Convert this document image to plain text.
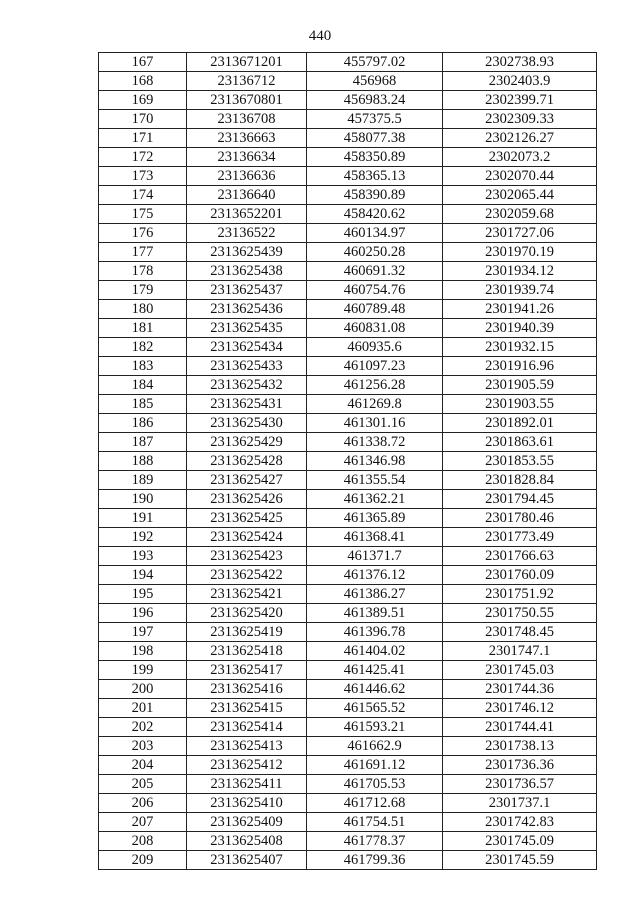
440
167	2313671201	455797.02	2302738.93
168	23136712	456968	2302403.9
169	2313670801	456983.24	2302399.71
170	23136708	457375.5	2302309.33
171	23136663	458077.38	2302126.27
172	23136634	458350.89	2302073.2
173	23136636	458365.13	2302070.44
174	23136640	458390.89	2302065.44
175	2313652201	458420.62	2302059.68
176	23136522	460134.97	2301727.06
177	2313625439	460250.28	2301970.19
178	2313625438	460691.32	2301934.12
179	2313625437	460754.76	2301939.74
180	2313625436	460789.48	2301941.26
181	2313625435	460831.08	2301940.39
182	2313625434	460935.6	2301932.15
183	2313625433	461097.23	2301916.96
184	2313625432	461256.28	2301905.59
185	2313625431	461269.8	2301903.55
186	2313625430	461301.16	2301892.01
187	2313625429	461338.72	2301863.61
188	2313625428	461346.98	2301853.55
189	2313625427	461355.54	2301828.84
190	2313625426	461362.21	2301794.45
191	2313625425	461365.89	2301780.46
192	2313625424	461368.41	2301773.49
193	2313625423	461371.7	2301766.63
194	2313625422	461376.12	2301760.09
195	2313625421	461386.27	2301751.92
196	2313625420	461389.51	2301750.55
197	2313625419	461396.78	2301748.45
198	2313625418	461404.02	2301747.1
199	2313625417	461425.41	2301745.03
200	2313625416	461446.62	2301744.36
201	2313625415	461565.52	2301746.12
202	2313625414	461593.21	2301744.41
203	2313625413	461662.9	2301738.13
204	2313625412	461691.12	2301736.36
205	2313625411	461705.53	2301736.57
206	2313625410	461712.68	2301737.1
207	2313625409	461754.51	2301742.83
208	2313625408	461778.37	2301745.09
209	2313625407	461799.36	2301745.59
